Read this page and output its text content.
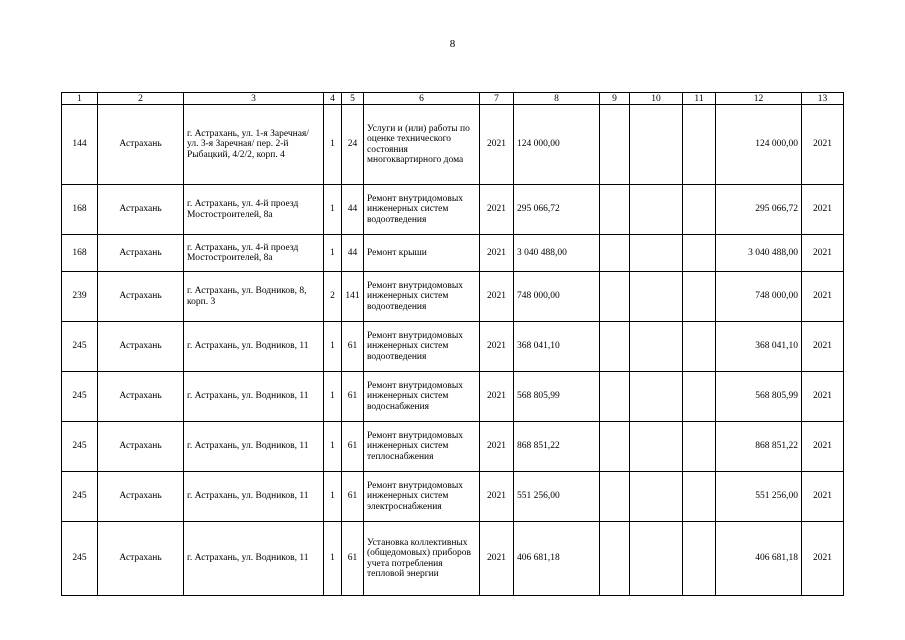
8
1	2	3	4	5	6	7	8	9	10	11	12	13
144	Астрахань	г. Астрахань, ул. 1-я Заречная/ ул. 3-я Заречная/ пер. 2-й Рыбацкий, 4/2/2, корп. 4	1	24	Услуги и (или) работы по оценке технического состояния многоквартирного дома	2021	124 000,00				124 000,00	2021
168	Астрахань	г. Астрахань, ул. 4-й проезд Мостостроителей, 8а	1	44	Ремонт внутридомовых инженерных систем водоотведения	2021	295 066,72				295 066,72	2021
168	Астрахань	г. Астрахань, ул. 4-й проезд Мостостроителей, 8а	1	44	Ремонт крыши	2021	3 040 488,00				3 040 488,00	2021
239	Астрахань	г. Астрахань, ул. Водников, 8, корп. 3	2	141	Ремонт внутридомовых инженерных систем водоотведения	2021	748 000,00				748 000,00	2021
245	Астрахань	г. Астрахань, ул. Водников, 11	1	61	Ремонт внутридомовых инженерных систем водоотведения	2021	368 041,10				368 041,10	2021
245	Астрахань	г. Астрахань, ул. Водников, 11	1	61	Ремонт внутридомовых инженерных систем водоснабжения	2021	568 805,99				568 805,99	2021
245	Астрахань	г. Астрахань, ул. Водников, 11	1	61	Ремонт внутридомовых инженерных систем теплоснабжения	2021	868 851,22				868 851,22	2021
245	Астрахань	г. Астрахань, ул. Водников, 11	1	61	Ремонт внутридомовых инженерных систем электроснабжения	2021	551 256,00				551 256,00	2021
245	Астрахань	г. Астрахань, ул. Водников, 11	1	61	Установка коллективных (общедомовых) приборов учета потребления тепловой энергии	2021	406 681,18				406 681,18	2021
